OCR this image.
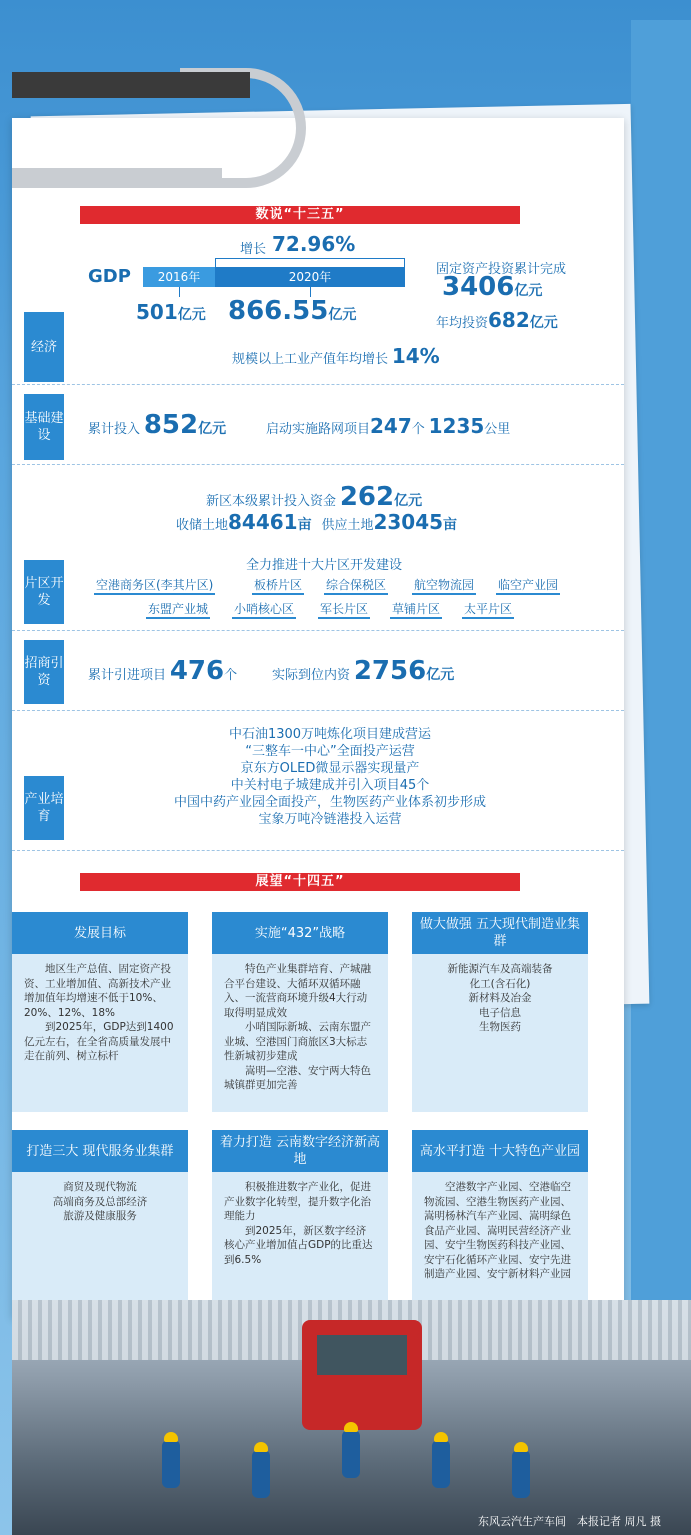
数说“十三五”
经济
增长 72.96%
GDP	2016年	2020年
501亿元 866.55亿元
固定资产投资累计完成
3406亿元
年均投资682亿元
规模以上工业产值年均增长 14%
基础建设	累计投入 852亿元	启动实施路网项目247个 1235公里
片区开发
新区本级累计投入资金 262亿元
收储土地84461亩 供应土地23045亩
全力推进十大片区开发建设
空港商务区(李其片区)	板桥片区 综合保税区 航空物流园 临空产业园
东盟产业城 小哨核心区 军长片区 草铺片区 太平片区
招商引资	累计引进项目 476个	实际到位内资 2756亿元
产业培育
中石油1300万吨炼化项目建成营运
“三整车一中心”全面投产运营
京东方OLED微显示器实现量产
中关村电子城建成并引入项目45个
中国中药产业园全面投产，生物医药产业体系初步形成
宝象万吨冷链港投入运营
展望“十四五”
发展目标

地区生产总值、固定资产投资、工业增加值、高新技术产业增加值年均增速不低于10%、20%、12%、18%

到2025年，GDP达到1400亿元左右，在全省高质量发展中走在前列、树立标杆

实施“432”战略

特色产业集群培育、产城融合平台建设、大循环双循环融入、一流营商环境升级4大行动取得明显成效

小哨国际新城、云南东盟产业城、空港国门商旅区3大标志性新城初步建成

嵩明—空港、安宁两大特色城镇群更加完善

做大做强 五大现代制造业集群

新能源汽车及高端装备

化工(含石化)

新材料及冶金

电子信息

生物医药

打造三大 现代服务业集群

商贸及现代物流

高端商务及总部经济

旅游及健康服务

着力打造 云南数字经济新高地

积极推进数字产业化，促进产业数字化转型，提升数字化治理能力

到2025年，新区数字经济核心产业增加值占GDP的比重达到6.5%

高水平打造 十大特色产业园

空港数字产业园、空港临空物流园、空港生物医药产业园、嵩明杨林汽车产业园、嵩明绿色食品产业园、嵩明民营经济产业园、安宁生物医药科技产业园、安宁石化循环产业园、安宁先进制造产业园、安宁新材料产业园

东风云汽生产车间　本报记者 周凡 摄
